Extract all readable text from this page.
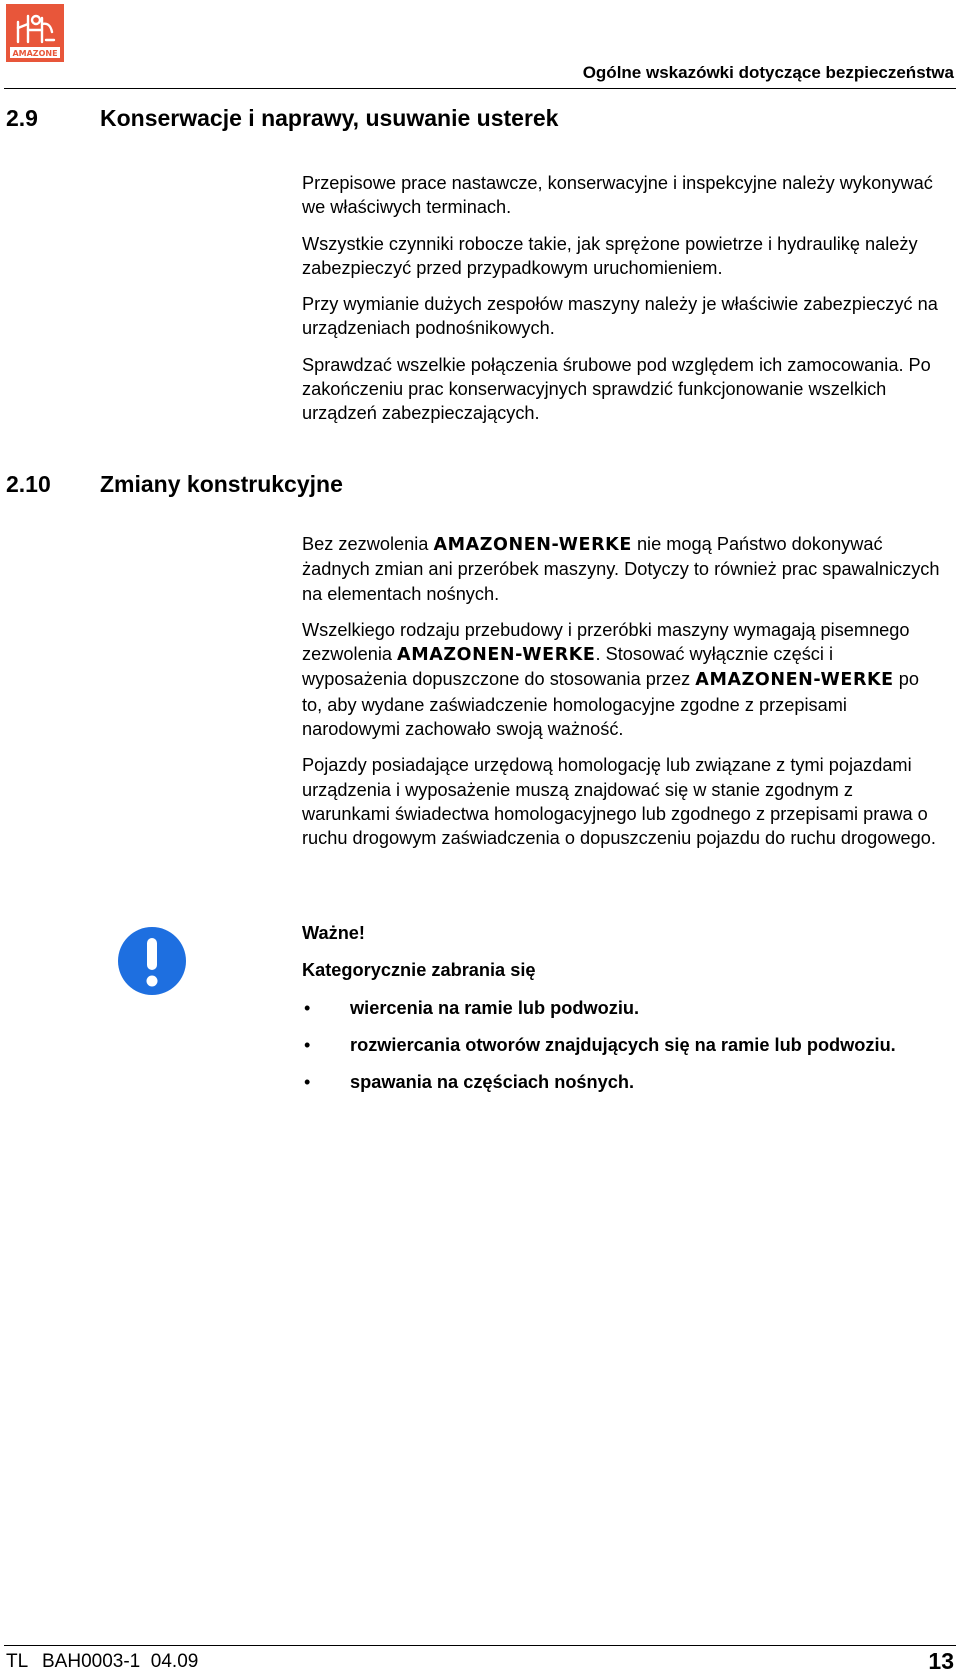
AMAZONE
Ogólne wskazówki dotyczące bezpieczeństwa
2.9	Konserwacje i naprawy, usuwanie usterek

Przepisowe prace nastawcze, konserwacyjne i inspekcyjne należy wykonywać we właściwych terminach.

Wszystkie czynniki robocze takie, jak sprężone powietrze i hydraulikę należy zabezpieczyć przed przypadkowym uruchomieniem.

Przy wymianie dużych zespołów maszyny należy je właściwie zabezpieczyć na urządzeniach podnośnikowych.

Sprawdzać wszelkie połączenia śrubowe pod względem ich zamocowania. Po zakończeniu prac konserwacyjnych sprawdzić funkcjonowanie wszelkich urządzeń zabezpieczających.

2.10 Zmiany konstrukcyjne

Bez zezwolenia AMAZONEN-WERKE nie mogą Państwo dokonywać żadnych zmian ani przeróbek maszyny. Dotyczy to również prac spawalniczych na elementach nośnych.

Wszelkiego rodzaju przebudowy i przeróbki maszyny wymagają pisemnego zezwolenia AMAZONEN-WERKE. Stosować wyłącznie części i wyposażenia dopuszczone do stosowania przez AMAZONEN-WERKE po to, aby wydane zaświadczenie homologacyjne zgodne z przepisami narodowymi zachowało swoją ważność.

Pojazdy posiadające urzędową homologację lub związane z tymi pojazdami urządzenia i wyposażenie muszą znajdować się w stanie zgodnym z warunkami świadectwa homologacyjnego lub zgodnego z przepisami prawa o ruchu drogowym zaświadczenia o dopuszczeniu pojazdu do ruchu drogowego.

Ważne!
Kategorycznie zabrania się
• wiercenia na ramie lub podwoziu.
• rozwiercania otworów znajdujących się na ramie lub podwoziu.
• spawania na częściach nośnych.
TL BAH0003-1  04.09	13
